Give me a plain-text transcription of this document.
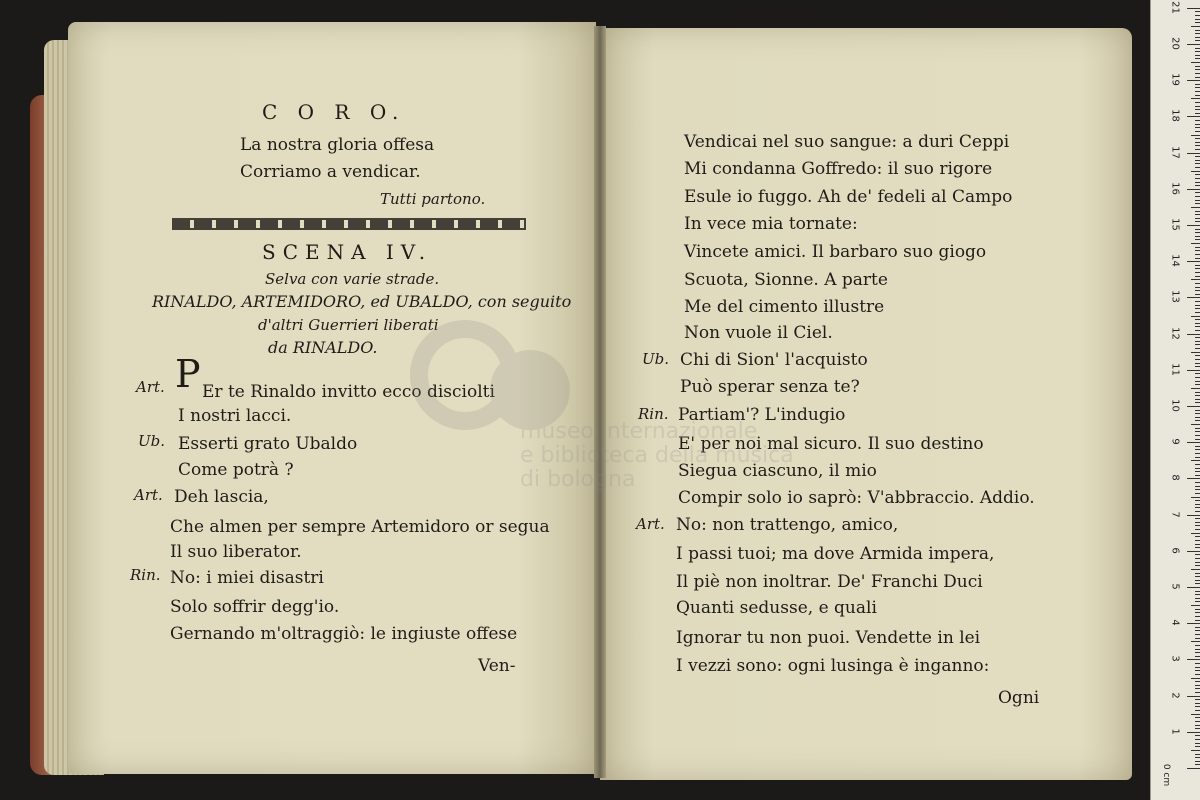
C O R O.
La nostra gloria offesa
Corriamo a vendicar.
Tutti partono.
SCENA IV.
Selva con varie strade.
RINALDO, ARTEMIDORO, ed UBALDO, con seguito
d'altri Guerrieri liberati
da RINALDO.
Art. P Er te Rinaldo invitto ecco disciolti
I nostri lacci.
Ub. Esserti grato Ubaldo
Come potrà ?
Art. Deh lascia,
Che almen per sempre Artemidoro or segua
Il suo liberator.
Rin. No: i miei disastri
Solo soffrir degg'io.
Gernando m'oltraggiò: le ingiuste offese
Ven-
Vendicai nel suo sangue: a duri Ceppi
Mi condanna Goffredo: il suo rigore
Esule io fuggo. Ah de' fedeli al Campo
In vece mia tornate:
Vincete amici. Il barbaro suo giogo
Scuota, Sionne. A parte
Me del cimento illustre
Non vuole il Ciel.
Ub. Chi di Sion' l'acquisto
Può sperar senza te?
Rin. Partiam'? L'indugio
E' per noi mal sicuro. Il suo destino
Siegua ciascuno, il mio
Compir solo io saprò: V'abbraccio. Addio.
Art. No: non trattengo, amico,
I passi tuoi; ma dove Armida impera,
Il piè non inoltrar. De' Franchi Duci
Quanti sedusse, e quali
Ignorar tu non puoi. Vendette in lei
I vezzi sono: ogni lusinga è inganno:
Ogni
museo internazionale
e biblioteca della musica
di bologna
0 cm
1
2
3
4
5
6
7
8
9
10
11
12
13
14
15
16
17
18
19
20
21
